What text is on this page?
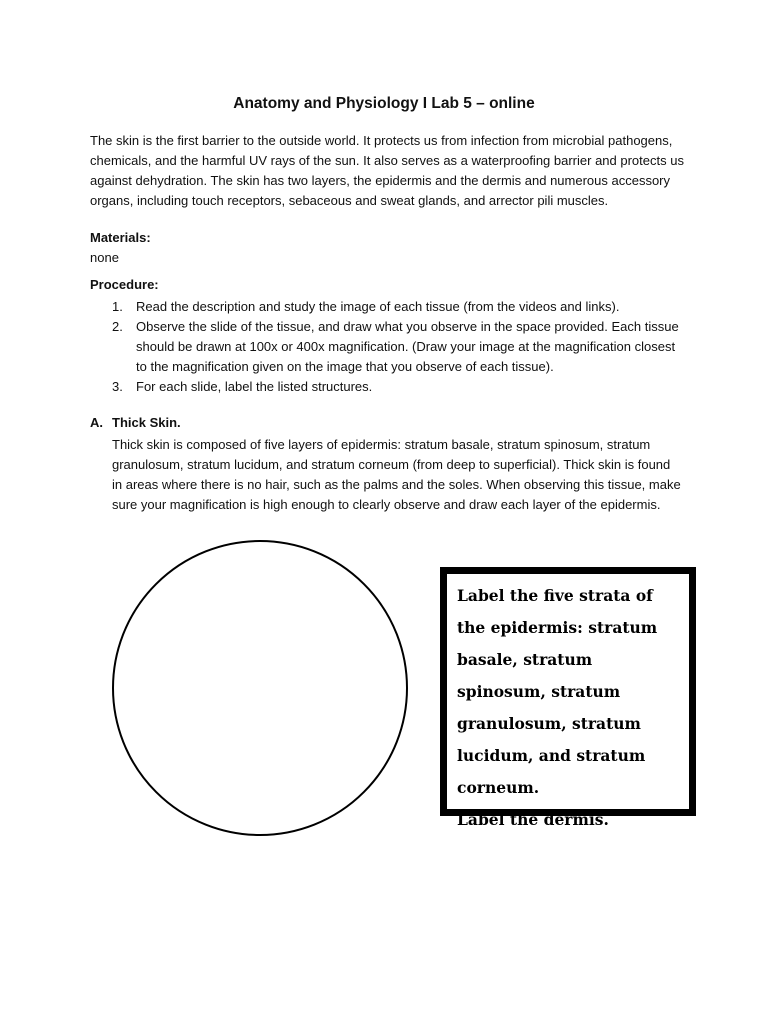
Anatomy and Physiology I Lab 5 – online

The skin is the first barrier to the outside world. It protects us from infection from microbial pathogens, chemicals, and the harmful UV rays of the sun. It also serves as a waterproofing barrier and protects us against dehydration. The skin has two layers, the epidermis and the dermis and numerous accessory organs, including touch receptors, sebaceous and sweat glands, and arrector pili muscles.

Materials:

none

Procedure:

1. Read the description and study the image of each tissue (from the videos and links).
2. Observe the slide of the tissue, and draw what you observe in the space provided. Each tissue should be drawn at 100x or 400x magnification. (Draw your image at the magnification closest to the magnification given on the image that you observe of each tissue).
3. For each slide, label the listed structures.

A. Thick Skin.

Thick skin is composed of five layers of epidermis: stratum basale, stratum spinosum, stratum granulosum, stratum lucidum, and stratum corneum (from deep to superficial). Thick skin is found in areas where there is no hair, such as the palms and the soles. When observing this tissue, make sure your magnification is high enough to clearly observe and draw each layer of the epidermis.

Label the five strata of the epidermis: stratum basale, stratum spinosum, stratum granulosum, stratum lucidum, and stratum corneum.

Label the dermis.
